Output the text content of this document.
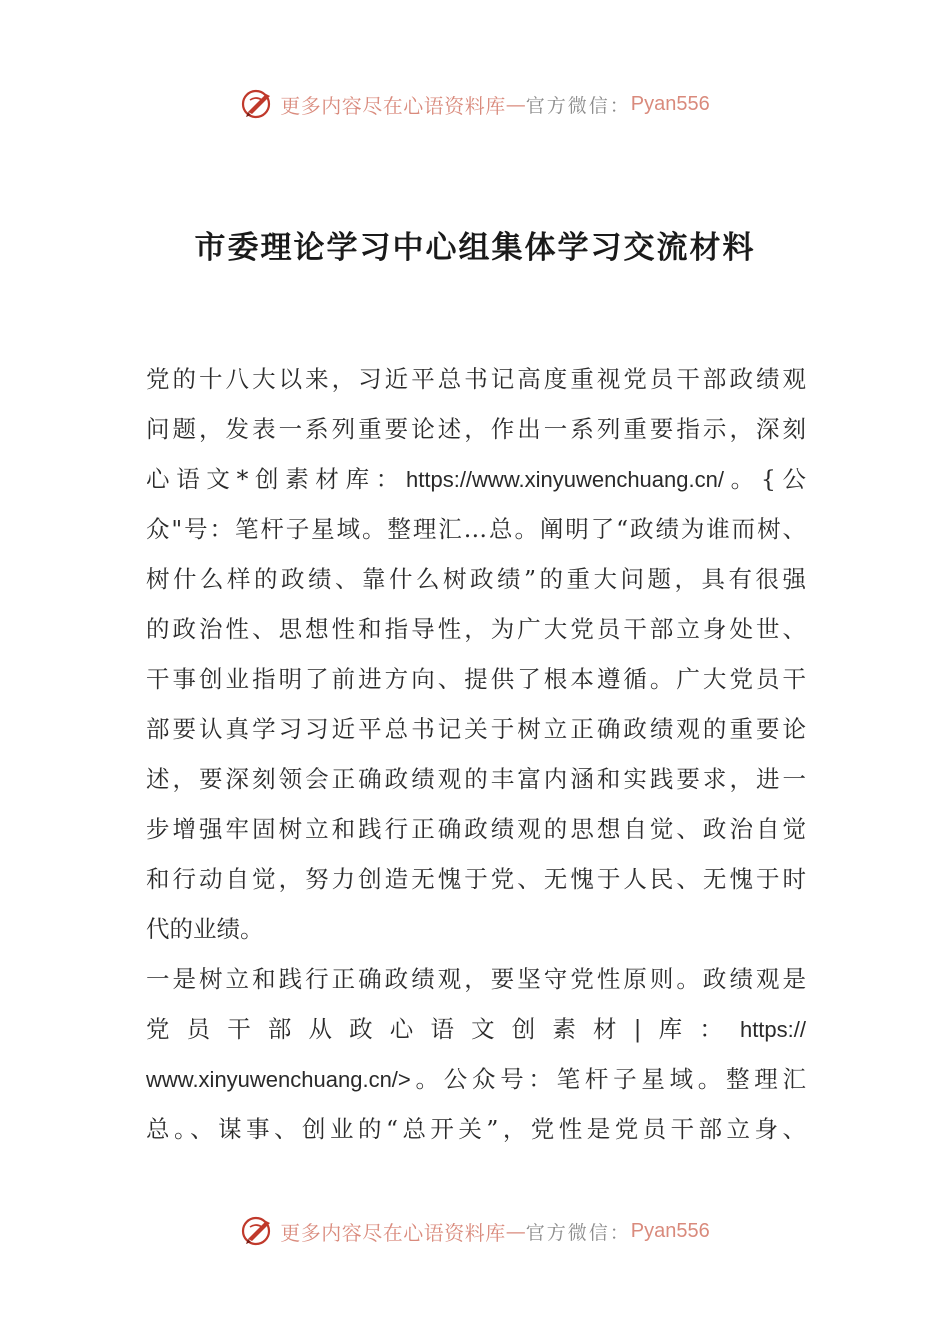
更多内容尽在心语资料库 — 官方微信： Pyan556
市委理论学习中心组集体学习交流材料
党的十八大以来，习近平总书记高度重视党员干部政绩观
问题，发表一系列重要论述，作出一系列重要指示，深刻
心语文*创素材库：https://www.xinyuwenchuang.cn/。{公
众"号：笔杆子星域。整理汇…总。阐明了“政绩为谁而树、
树什么样的政绩、靠什么树政绩”的重大问题，具有很强
的政治性、思想性和指导性，为广大党员干部立身处世、
干事创业指明了前进方向、提供了根本遵循。广大党员干
部要认真学习习近平总书记关于树立正确政绩观的重要论
述，要深刻领会正确政绩观的丰富内涵和实践要求，进一
步增强牢固树立和践行正确政绩观的思想自觉、政治自觉
和行动自觉，努力创造无愧于党、无愧于人民、无愧于时
代的业绩。
一是树立和践行正确政绩观，要坚守党性原则。政绩观是
党员干部从政心语文创素材|库：https://
www.xinyuwenchuang.cn/>。公众号：笔杆子星域。整理汇
总。、谋事、创业的“总开关”，党性是党员干部立身、
更多内容尽在心语资料库 — 官方微信： Pyan556
